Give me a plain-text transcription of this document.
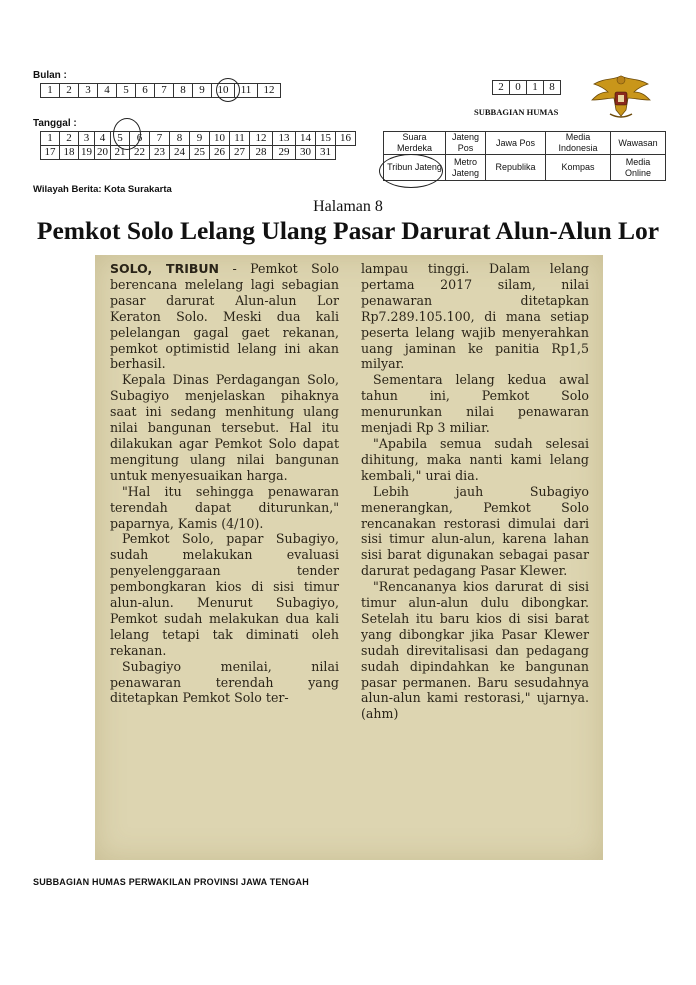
Bulan :
1	2	3	4	5	6	7	8	9	10	11	12
Tanggal :
1	2	3	4	5	6	7	8	9	10	11	12	13	14	15	16
17	18	19	20	21	22	23	24	25	26	27	28	29	30	31	
Wilayah Berita: Kota Surakarta
2	0	1	8
SUBBAGIAN HUMAS
Suara Merdeka	Jateng Pos	Jawa Pos	Media Indonesia	Wawasan
Tribun Jateng	Metro Jateng	Republika	Kompas	Media Online
Halaman 8
Pemkot Solo Lelang Ulang Pasar Darurat Alun-Alun Lor

SOLO, TRIBUN - Pemkot Solo berencana melelang lagi sebagian pasar darurat Alun-alun Lor Keraton Solo. Meski dua kali pelelangan gagal gaet rekanan, pemkot optimistid lelang ini akan berhasil.

Kepala Dinas Perdagangan Solo, Subagiyo menjelaskan pihaknya saat ini sedang menhitung ulang nilai bangunan tersebut. Hal itu dilakukan agar Pemkot Solo dapat mengitung ulang nilai bangunan untuk menyesuaikan harga.

"Hal itu sehingga penawaran terendah dapat diturunkan," paparnya, Kamis (4/10).

Pemkot Solo, papar Subagiyo, sudah melakukan evaluasi penyelenggaraan tender pembongkaran kios di sisi timur alun-alun. Menurut Subagiyo, Pemkot sudah melakukan dua kali lelang tetapi tak diminati oleh rekanan.

Subagiyo menilai, nilai penawaran terendah yang ditetapkan Pemkot Solo ter-

lampau tinggi. Dalam lelang pertama 2017 silam, nilai penawaran ditetapkan Rp7.289.105.100, di mana setiap peserta lelang wajib menyerahkan uang jaminan ke panitia Rp1,5 milyar.

Sementara lelang kedua awal tahun ini, Pemkot Solo menurunkan nilai penawaran menjadi Rp 3 miliar.

"Apabila semua sudah selesai dihitung, maka nanti kami lelang kembali," urai dia.

Lebih jauh Subagiyo menerangkan, Pemkot Solo rencanakan restorasi dimulai dari sisi timur alun-alun, karena lahan sisi barat digunakan sebagai pasar darurat pedagang Pasar Klewer.

"Rencananya kios darurat di sisi timur alun-alun dulu dibongkar. Setelah itu baru kios di sisi barat yang dibongkar jika Pasar Klewer sudah direvitalisasi dan pedagang sudah dipindahkan ke bangunan pasar permanen. Baru sesudahnya alun-alun kami restorasi," ujarnya. (ahm)

SUBBAGIAN HUMAS PERWAKILAN PROVINSI JAWA TENGAH
